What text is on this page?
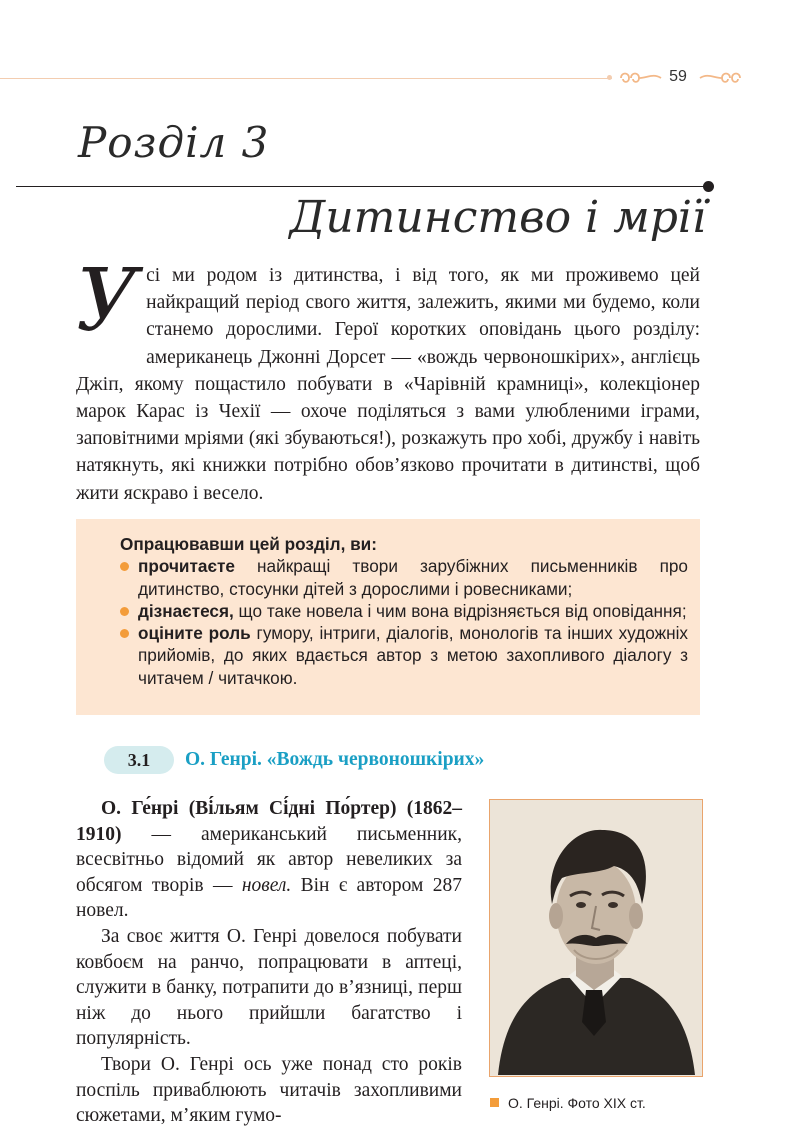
59
Розділ 3
Дитинство і мрії

Усі ми родом із дитинства, і від того, як ми проживемо цей найкращий період свого життя, залежить, якими ми будемо, коли станемо дорослими. Герої коротких оповідань цього розділу: американець Джонні Дорсет — «вождь червоношкірих», англієць Джіп, якому пощастило побувати в «Чарівній крамниці», колекціонер марок Карас із Чехії — охоче поділяться з вами улюбленими іграми, заповітними мріями (які збуваються!), розкажуть про хобі, дружбу і навіть натякнуть, які книжки потрібно обов’язково прочитати в дитинстві, щоб жити яскраво і весело.

Опрацювавши цей розділ, ви:

прочитаєте найкращі твори зарубіжних письменників про дитинство, стосунки дітей з дорослими і ровесниками;
дізнаєтеся, що таке новела і чим вона відрізняється від оповідання;
оціните роль гумору, інтриги, діалогів, монологів та інших художніх прийомів, до яких вдається автор з метою захопливого діалогу з читачем / читачкою.
3.1	О. Генрі. «Вождь червоношкірих»

О. Ге́нрі (Ві́льям Сі́дні По́ртер) (1862–1910) — американський письменник, всесвітньо відомий як автор невеликих за обсягом творів — новел. Він є автором 287 новел.

За своє життя О. Генрі довелося побувати ковбоєм на ранчо, попрацювати в аптеці, служити в банку, потрапити до в’язниці, перш ніж до нього прийшли багатство і популярність.

Твори О. Генрі ось уже понад сто років поспіль приваблюють читачів захопливими сюжетами, м’яким гумо-

О. Генрі. Фото XIX ст.
